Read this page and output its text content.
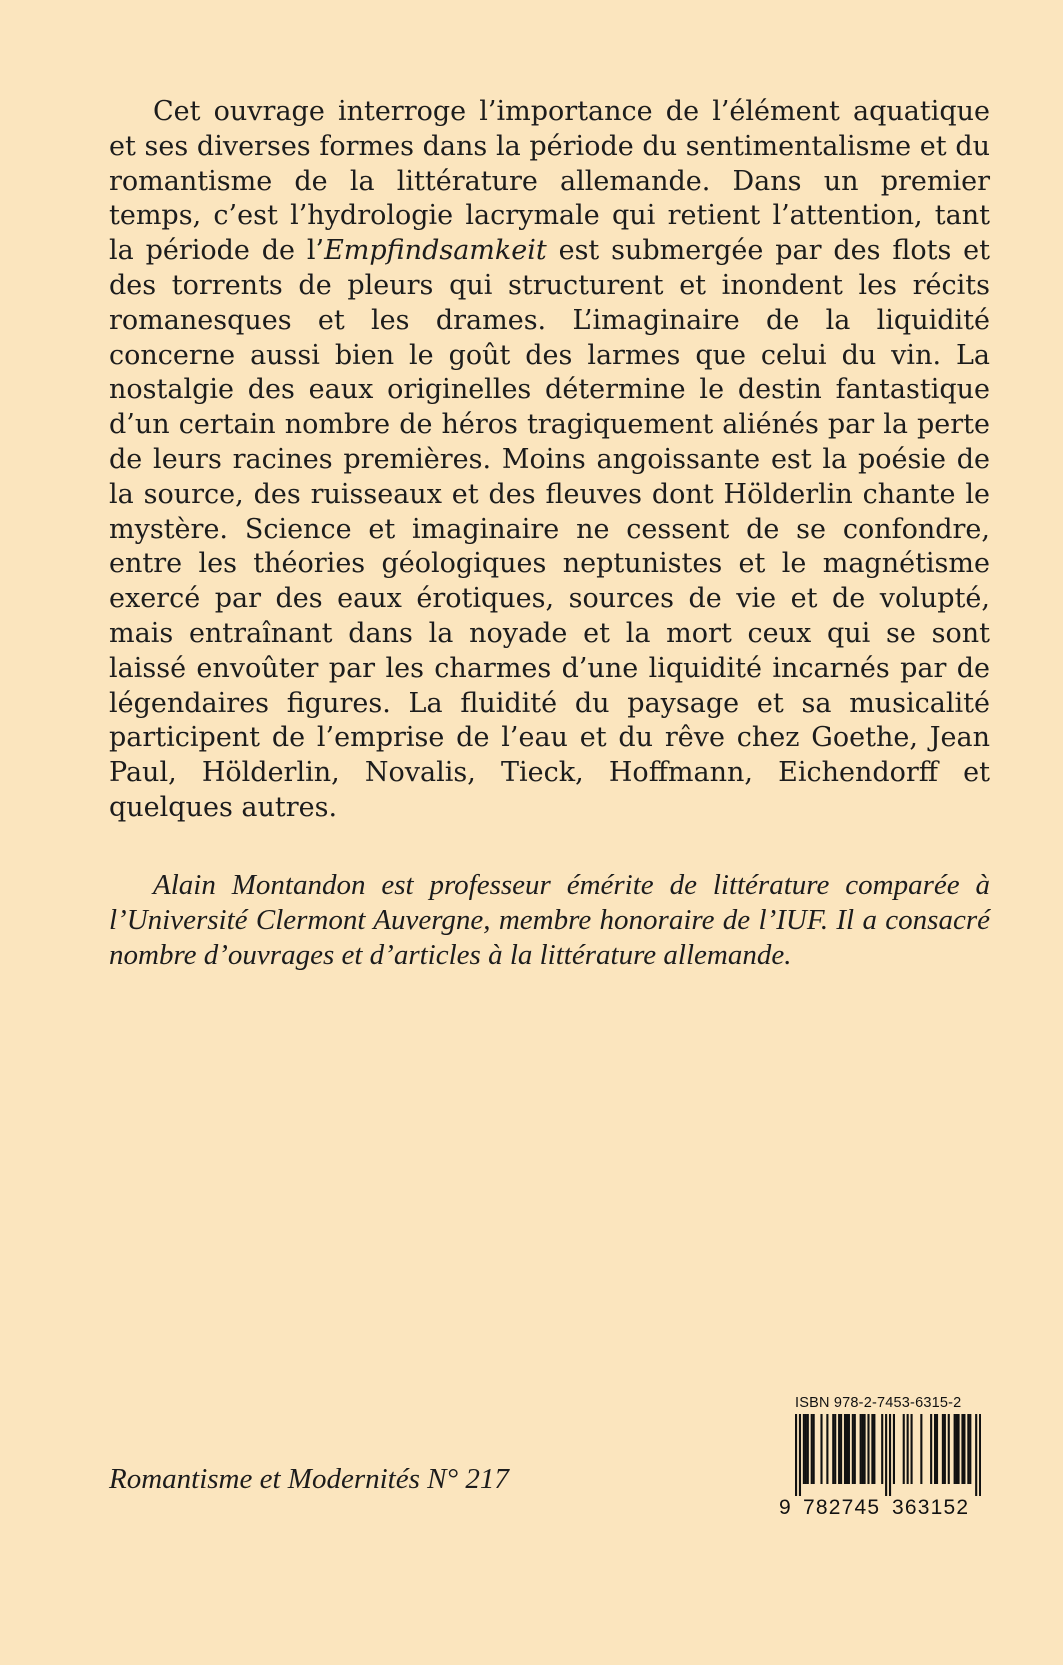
Cet ouvrage interroge l’importance de l’élément aquatique et ses diverses formes dans la période du sentimentalisme et du romantisme de la littérature allemande. Dans un premier temps, c’est l’hydrologie lacrymale qui retient l’attention, tant la période de l’Empfindsamkeit est submergée par des flots et des torrents de pleurs qui structurent et inondent les récits romanesques et les drames. L’imaginaire de la liquidité concerne aussi bien le goût des larmes que celui du vin. La nostalgie des eaux originelles détermine le destin fantastique d’un certain nombre de héros tragiquement aliénés par la perte de leurs racines premières. Moins angoissante est la poésie de la source, des ruisseaux et des fleuves dont Hölderlin chante le mystère. Science et imaginaire ne cessent de se confondre, entre les théories géologiques neptunistes et le magnétisme exercé par des eaux érotiques, sources de vie et de volupté, mais entraînant dans la noyade et la mort ceux qui se sont laissé envoûter par les charmes d’une liquidité incarnés par de légendaires figures. La fluidité du paysage et sa musicalité participent de l’emprise de l’eau et du rêve chez Goethe, Jean Paul, Hölderlin, Novalis, Tieck, Hoffmann, Eichendorff et quelques autres.

Alain Montandon est professeur émérite de littérature comparée à l’Université Clermont Auvergne, membre honoraire de l’IUF. Il a consacré nombre d’ouvrages et d’articles à la littérature allemande.

Romantisme et Modernités N° 217
ISBN 978-2-7453-6315-2
9 782745 363152
